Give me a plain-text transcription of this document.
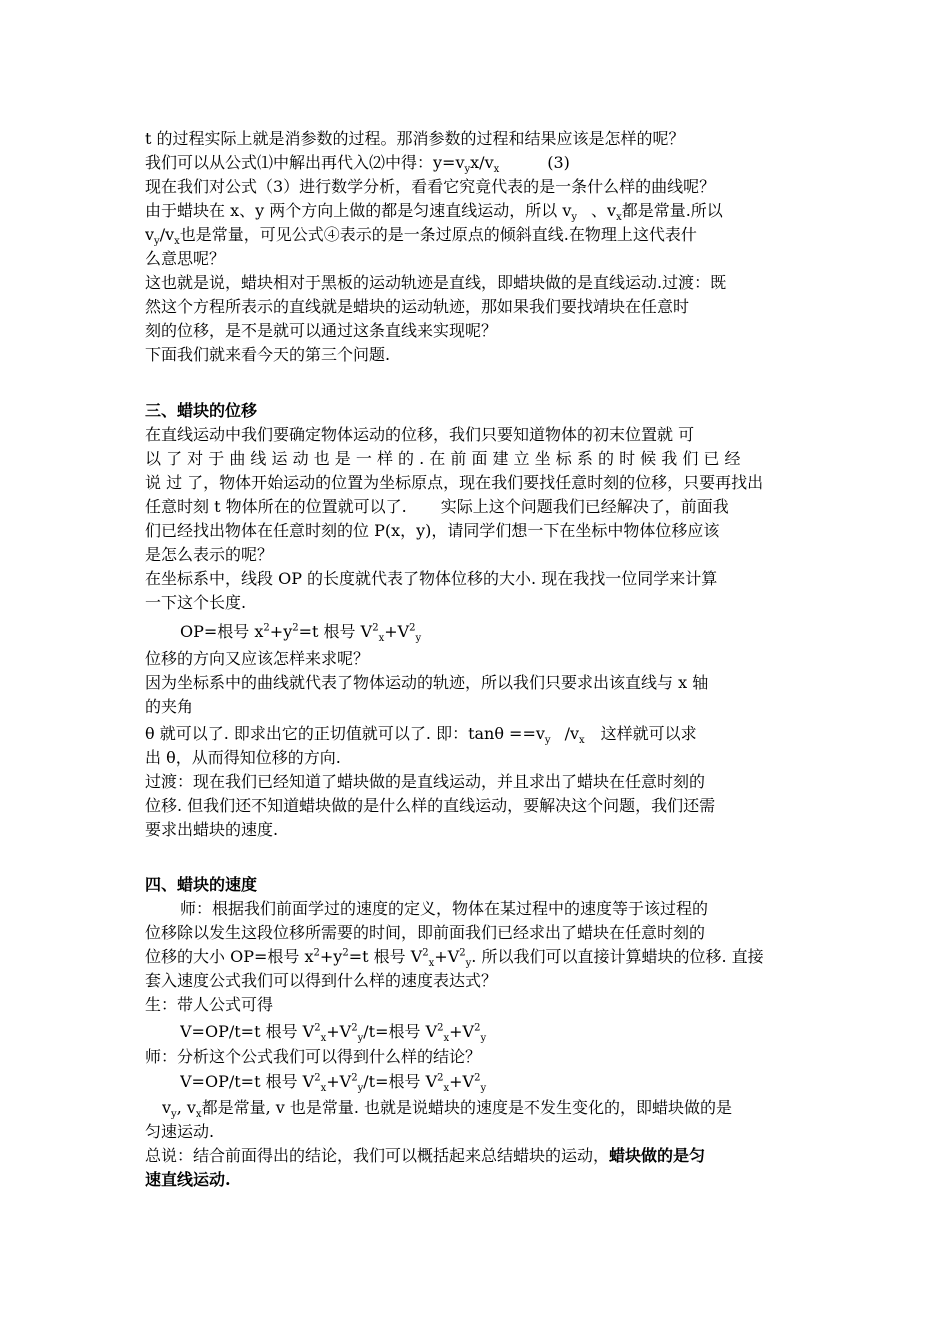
t 的过程实际上就是消参数的过程。那消参数的过程和结果应该是怎样的呢？
我们可以从公式⑴中解出再代入⑵中得：$y=v_yx/v_x$	(3)
现在我们对公式（3）进行数学分析，看看它究竟代表的是一条什么样的曲线呢？
由于蜡块在 x、y 两个方向上做的都是匀速直线运动，所以 $v_y$ 、$v_x$都是常量.所以
$v_y/v_x$也是常量，可见公式④表示的是一条过原点的倾斜直线.在物理上这代表什
么意思呢？
这也就是说，蜡块相对于黑板的运动轨迹是直线，即蜡块做的是直线运动.过渡：既
然这个方程所表示的直线就是蜡块的运动轨迹，那如果我们要找靖块在任意时
刻的位移，是不是就可以通过这条直线来实现呢？
下面我们就来看今天的第三个问题.
三、蜡块的位移
在直线运动中我们要确定物体运动的位移，我们只要知道物体的初末位置就 可
以 了 对 于 曲 线 运 动 也 是 一 样 的 . 在 前 面 建 立 坐 标 系 的 时 候 我 们 已 经
说 过 了，物体开始运动的位置为坐标原点，现在我们要找任意时刻的位移，只要再找出
任意时刻 t 物体所在的位置就可以了. 实际上这个问题我们已经解决了，前面我
们已经找出物体在任意时刻的位 P(x，y)，请同学们想一下在坐标中物体位移应该
是怎么表示的呢？
在坐标系中，线段 OP 的长度就代表了物体位移的大小. 现在我找一位同学来计算
一下这个长度.
OP=根号 $x^2+y^2=t$ 根号 $V^2_x+V^2_y$
位移的方向又应该怎样来求呢？
因为坐标系中的曲线就代表了物体运动的轨迹，所以我们只要求出该直线与 x 轴
的夹角
θ 就可以了. 即求出它的正切值就可以了. 即：$\tan\theta ==v_y$ $/v_x$ 这样就可以求
出 θ，从而得知位移的方向.
过渡：现在我们已经知道了蜡块做的是直线运动，并且求出了蜡块在任意时刻的
位移. 但我们还不知道蜡块做的是什么样的直线运动，要解决这个问题，我们还需
要求出蜡块的速度.
四、蜡块的速度
师：根据我们前面学过的速度的定义，物体在某过程中的速度等于该过程的
位移除以发生这段位移所需要的时间，即前面我们已经求出了蜡块在任意时刻的
位移的大小 OP=根号 $x^2+y^2=t$ 根号 $V^2_x+V^2_y$. 所以我们可以直接计算蜡块的位移. 直接
套入速度公式我们可以得到什么样的速度表达式？
生：带人公式可得
V=OP/t=t 根号 $V^2_x+V^2_y/t=$根号 $V^2_x+V^2_y$
师：分析这个公式我们可以得到什么样的结论？
V=OP/t=t 根号 $V^2_x+V^2_y/t=$根号 $V^2_x+V^2_y$
$v_y$, $v_x$都是常量, v 也是常量. 也就是说蜡块的速度是不发生变化的，即蜡块做的是
匀速运动.
总说：结合前面得出的结论，我们可以概括起来总结蜡块的运动，蜡块做的是匀
速直线运动.
